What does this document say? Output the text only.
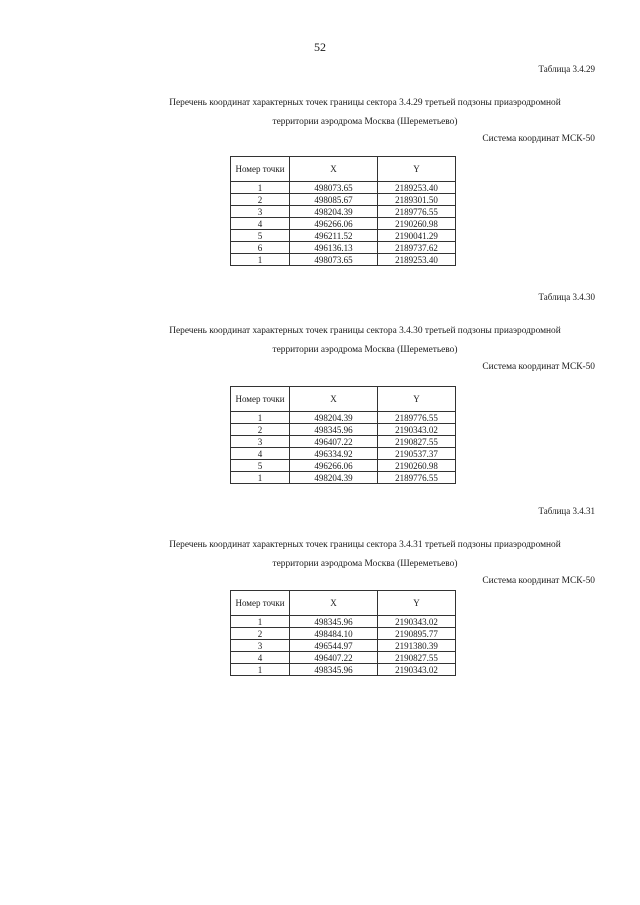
52
Таблица 3.4.29
Перечень координат характерных точек границы сектора 3.4.29 третьей подзоны приаэродромной
территории аэродрома Москва (Шереметьево)
Система координат МСК-50
Номер точки	X	Y
1	498073.65	2189253.40
2	498085.67	2189301.50
3	498204.39	2189776.55
4	496266.06	2190260.98
5	496211.52	2190041.29
6	496136.13	2189737.62
1	498073.65	2189253.40
Таблица 3.4.30
Перечень координат характерных точек границы сектора 3.4.30 третьей подзоны приаэродромной
территории аэродрома Москва (Шереметьево)
Система координат МСК-50
Номер точки	X	Y
1	498204.39	2189776.55
2	498345.96	2190343.02
3	496407.22	2190827.55
4	496334.92	2190537.37
5	496266.06	2190260.98
1	498204.39	2189776.55
Таблица 3.4.31
Перечень координат характерных точек границы сектора 3.4.31 третьей подзоны приаэродромной
территории аэродрома Москва (Шереметьево)
Система координат МСК-50
Номер точки	X	Y
1	498345.96	2190343.02
2	498484.10	2190895.77
3	496544.97	2191380.39
4	496407.22	2190827.55
1	498345.96	2190343.02
